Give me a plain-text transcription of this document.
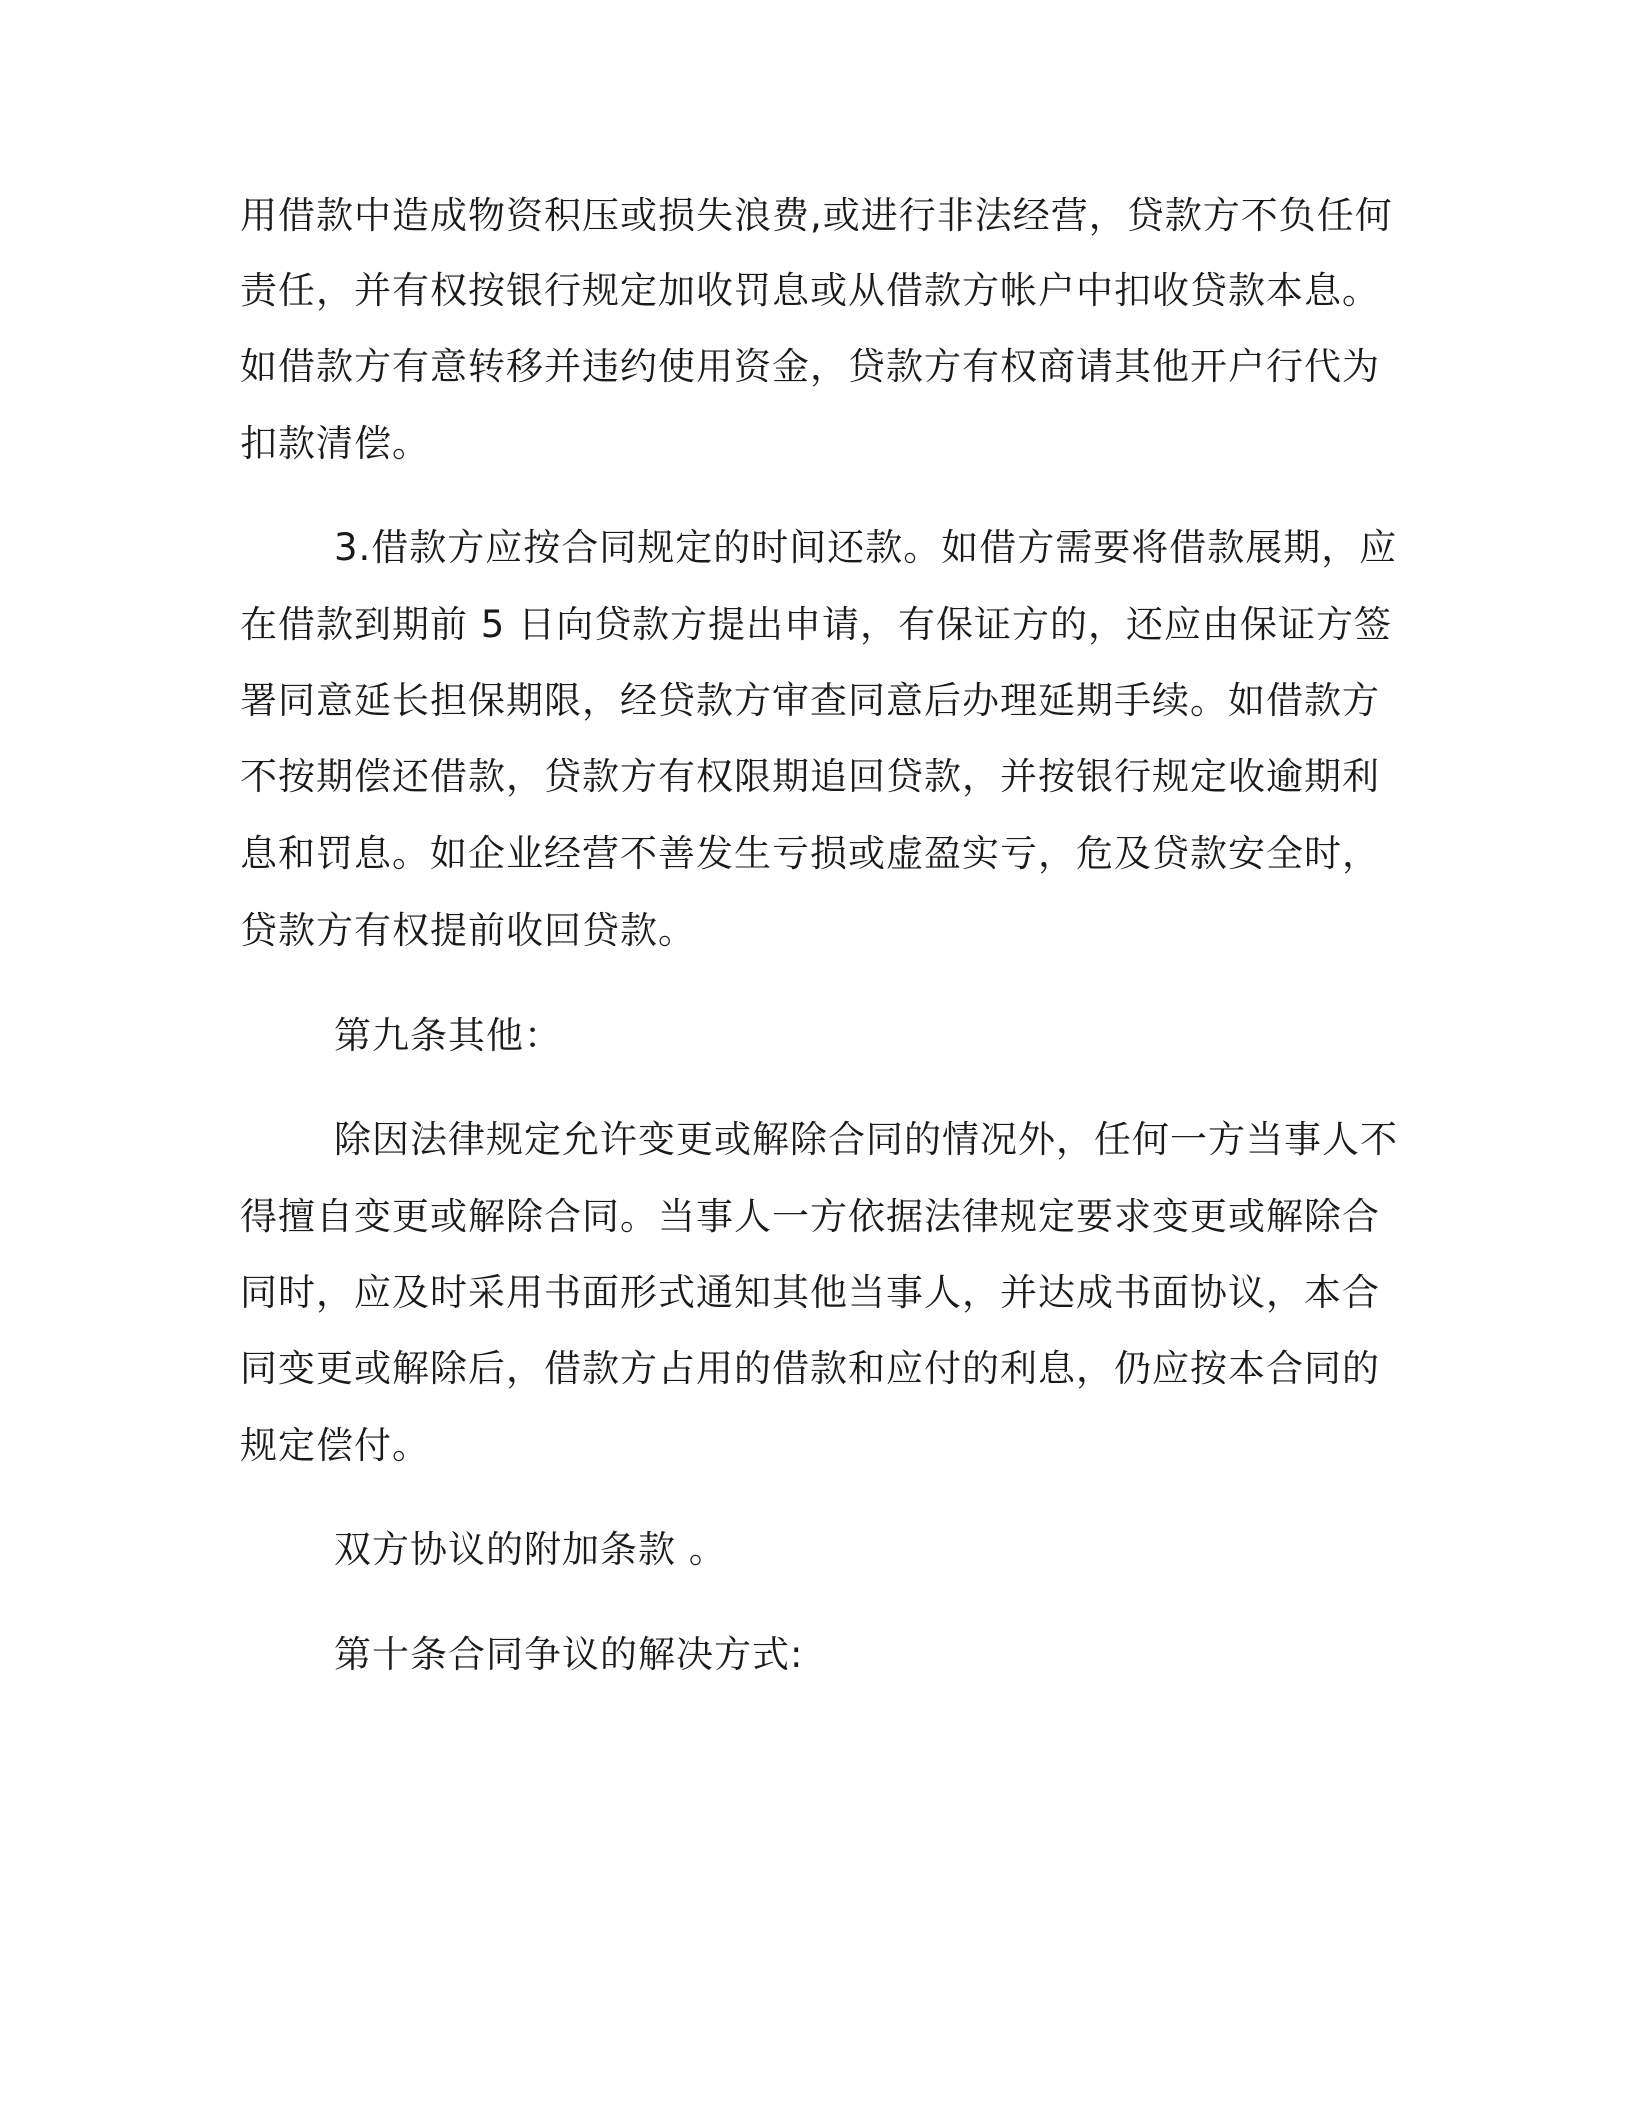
用借款中造成物资积压或损失浪费,或进行非法经营，贷款方不负任何
责任，并有权按银行规定加收罚息或从借款方帐户中扣收贷款本息。
如借款方有意转移并违约使用资金，贷款方有权商请其他开户行代为
扣款清偿。
3.借款方应按合同规定的时间还款。如借方需要将借款展期，应
在借款到期前 5 日向贷款方提出申请，有保证方的，还应由保证方签
署同意延长担保期限，经贷款方审查同意后办理延期手续。如借款方
不按期偿还借款，贷款方有权限期追回贷款，并按银行规定收逾期利
息和罚息。如企业经营不善发生亏损或虚盈实亏，危及贷款安全时，
贷款方有权提前收回贷款。
第九条其他：
除因法律规定允许变更或解除合同的情况外，任何一方当事人不
得擅自变更或解除合同。当事人一方依据法律规定要求变更或解除合
同时，应及时采用书面形式通知其他当事人，并达成书面协议，本合
同变更或解除后，借款方占用的借款和应付的利息，仍应按本合同的
规定偿付。
双方协议的附加条款 。
第十条合同争议的解决方式:
